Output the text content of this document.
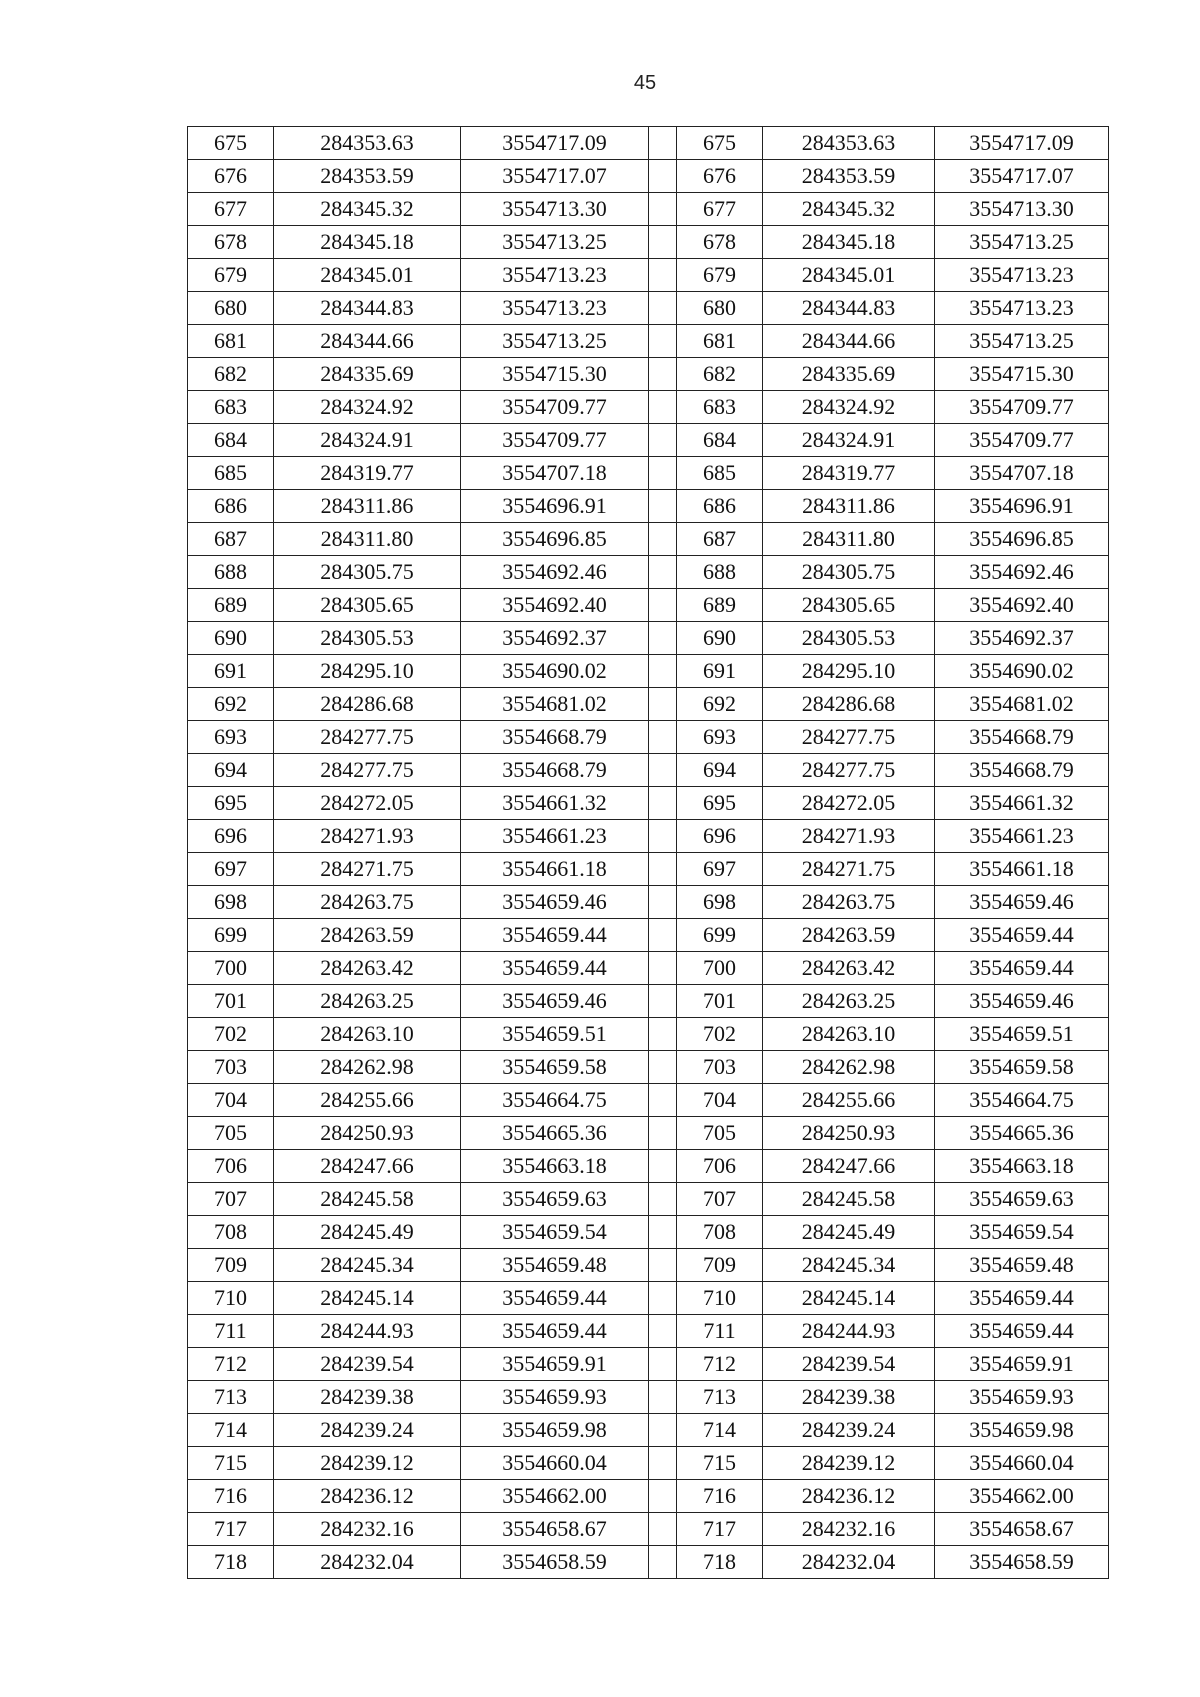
45
675	284353.63	3554717.09		675	284353.63	3554717.09
676	284353.59	3554717.07		676	284353.59	3554717.07
677	284345.32	3554713.30		677	284345.32	3554713.30
678	284345.18	3554713.25		678	284345.18	3554713.25
679	284345.01	3554713.23		679	284345.01	3554713.23
680	284344.83	3554713.23		680	284344.83	3554713.23
681	284344.66	3554713.25		681	284344.66	3554713.25
682	284335.69	3554715.30		682	284335.69	3554715.30
683	284324.92	3554709.77		683	284324.92	3554709.77
684	284324.91	3554709.77		684	284324.91	3554709.77
685	284319.77	3554707.18		685	284319.77	3554707.18
686	284311.86	3554696.91		686	284311.86	3554696.91
687	284311.80	3554696.85		687	284311.80	3554696.85
688	284305.75	3554692.46		688	284305.75	3554692.46
689	284305.65	3554692.40		689	284305.65	3554692.40
690	284305.53	3554692.37		690	284305.53	3554692.37
691	284295.10	3554690.02		691	284295.10	3554690.02
692	284286.68	3554681.02		692	284286.68	3554681.02
693	284277.75	3554668.79		693	284277.75	3554668.79
694	284277.75	3554668.79		694	284277.75	3554668.79
695	284272.05	3554661.32		695	284272.05	3554661.32
696	284271.93	3554661.23		696	284271.93	3554661.23
697	284271.75	3554661.18		697	284271.75	3554661.18
698	284263.75	3554659.46		698	284263.75	3554659.46
699	284263.59	3554659.44		699	284263.59	3554659.44
700	284263.42	3554659.44		700	284263.42	3554659.44
701	284263.25	3554659.46		701	284263.25	3554659.46
702	284263.10	3554659.51		702	284263.10	3554659.51
703	284262.98	3554659.58		703	284262.98	3554659.58
704	284255.66	3554664.75		704	284255.66	3554664.75
705	284250.93	3554665.36		705	284250.93	3554665.36
706	284247.66	3554663.18		706	284247.66	3554663.18
707	284245.58	3554659.63		707	284245.58	3554659.63
708	284245.49	3554659.54		708	284245.49	3554659.54
709	284245.34	3554659.48		709	284245.34	3554659.48
710	284245.14	3554659.44		710	284245.14	3554659.44
711	284244.93	3554659.44		711	284244.93	3554659.44
712	284239.54	3554659.91		712	284239.54	3554659.91
713	284239.38	3554659.93		713	284239.38	3554659.93
714	284239.24	3554659.98		714	284239.24	3554659.98
715	284239.12	3554660.04		715	284239.12	3554660.04
716	284236.12	3554662.00		716	284236.12	3554662.00
717	284232.16	3554658.67		717	284232.16	3554658.67
718	284232.04	3554658.59		718	284232.04	3554658.59
